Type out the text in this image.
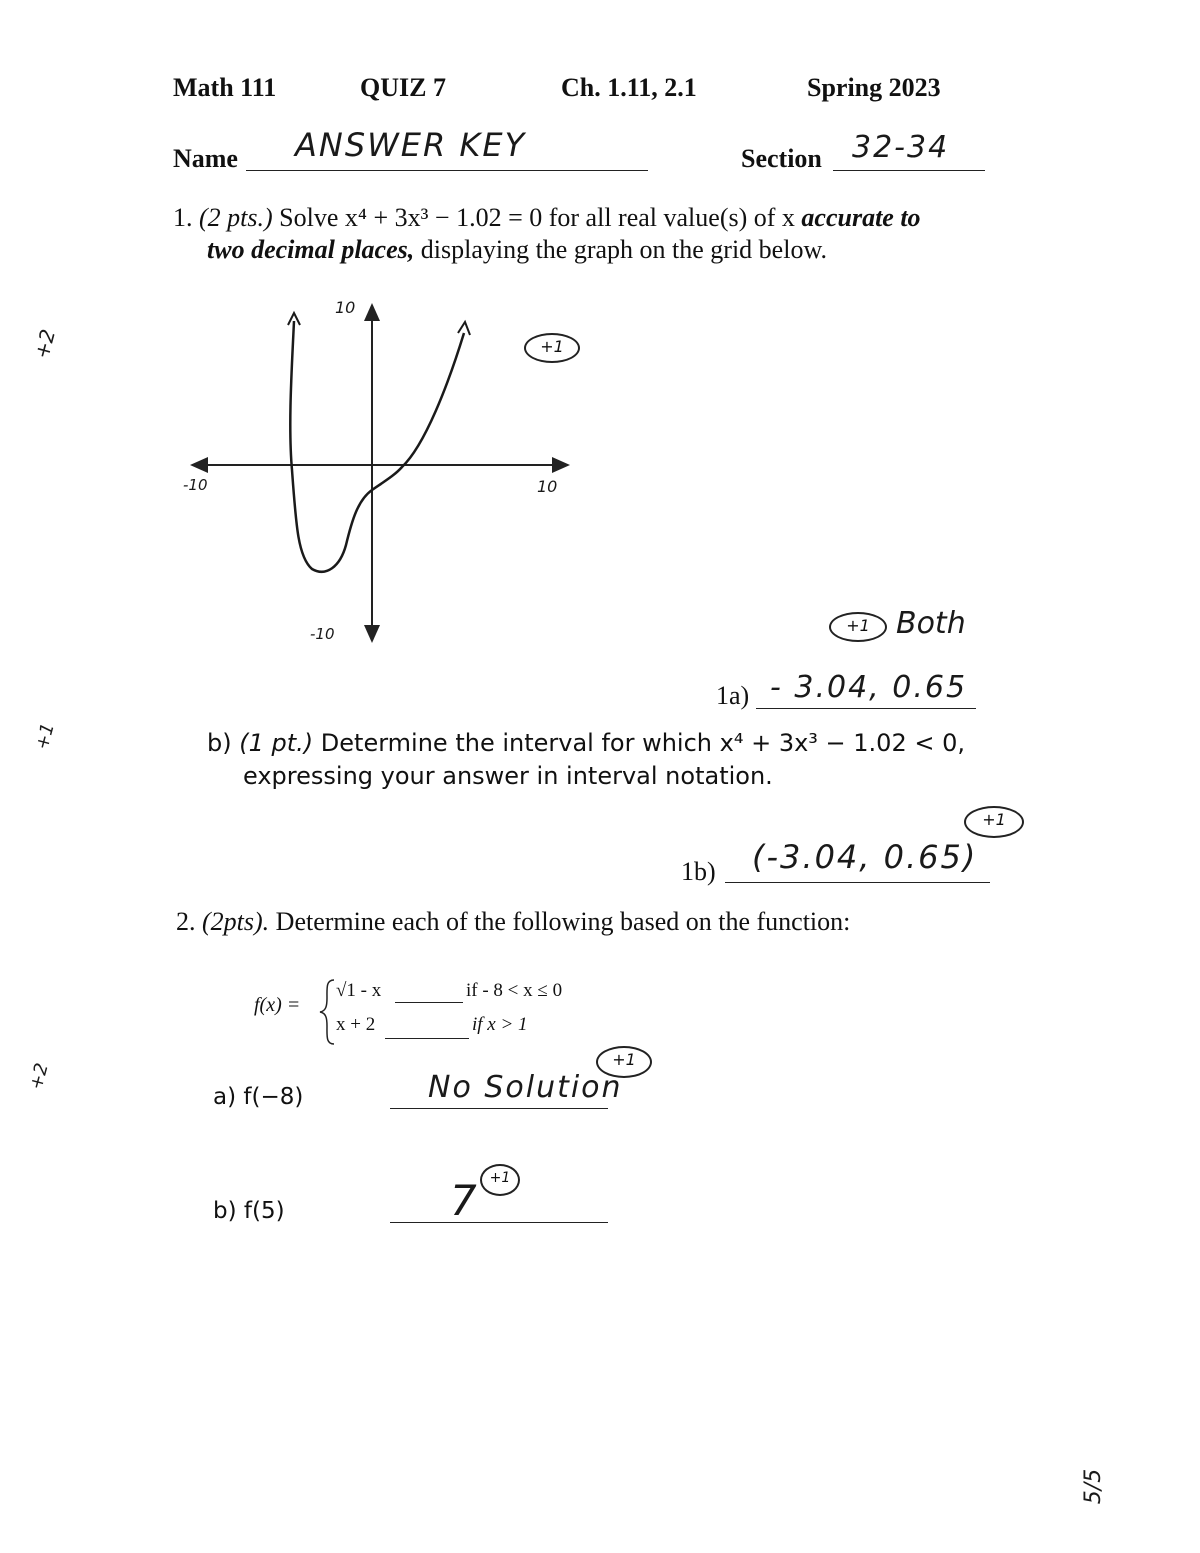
Math 111	QUIZ 7	Ch. 1.11, 2.1	Spring 2023
Name ANSWER KEY	Section 32-34
1. (2 pts.) Solve x⁴ + 3x³ − 1.02 = 0 for all real value(s) of x accurate to
two decimal places, displaying the graph on the grid below.
10
-10
-10	10
+1
+1 Both
1a) - 3.04, 0.65
b) (1 pt.) Determine the interval for which x⁴ + 3x³ − 1.02 < 0,
expressing your answer in interval notation.
+1
1b) (-3.04, 0.65)
2. (2pts). Determine each of the following based on the function:
f(x) =
√1 - x	if - 8 < x ≤ 0
x + 2	if x > 1
a) f(−8)	No Solution
+1
b) f(5)	7 +1
+2
+1
+2
5/5
